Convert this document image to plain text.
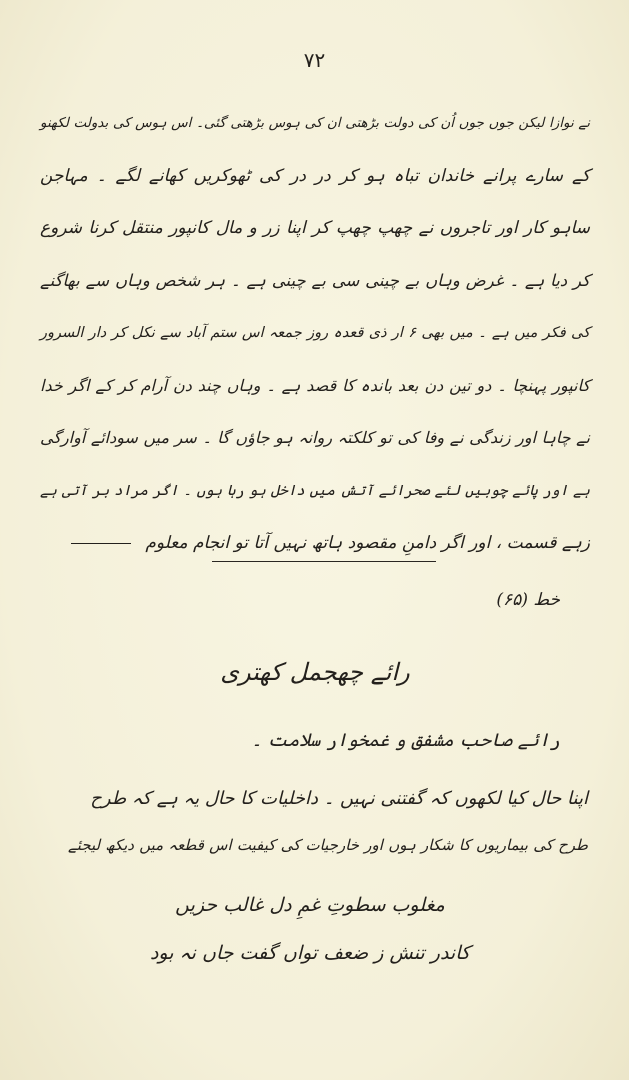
۷۲
نے نوازا لیکن جوں جوں اُن کی دولت بڑھتی ان کی ہوس بڑھتی گئی۔ اس ہوس کی بدولت لکھنو
کے سارے پرانے خاندان تباہ ہو کر در در کی ٹھوکریں کھانے لگے ۔ مہاجن
ساہو کار اور تاجروں نے چھپ چھپ کر اپنا زر و مال کانپور منتقل کرنا شروع
کر دیا ہے ۔ غرض وہاں بے چینی سی بے چینی ہے ۔ ہر شخص وہاں سے بھاگنے
کی فکر میں ہے ۔ میں بھی ۶ ار ذی قعدہ روز جمعہ اس ستم آباد سے نکل کر دار السرور
کانپور پہنچا ۔ دو تین دن بعد باندہ کا قصد ہے ۔ وہاں چند دن آرام کر کے اگر خدا
نے چاہا اور زندگی نے وفا کی تو کلکتہ روانہ ہو جاؤں گا ۔ سر میں سودائے آوارگی
ہے اور پائے چوبیں لئے صحرائے آتش میں داخل ہو رہا ہوں ۔ اگر مراد بر آتی ہے
زہے قسمت ، اور اگر دامنِ مقصود ہاتھ نہیں آتا تو انجام معلوم
خط (۶۵)
رائے چھجمل کھتری
رائے صاحب مشفق و غمخوار سلامت ۔
اپنا حال کیا لکھوں کہ گفتنی نہیں ۔ داخلیات کا حال یہ ہے کہ طرح
طرح کی بیماریوں کا شکار ہوں اور خارجیات کی کیفیت اس قطعہ میں دیکھ لیجئے
مغلوب سطوتِ غمِ دل غالب حزیں
کاندر تنش ز ضعف تواں گفت جاں نہ بود
